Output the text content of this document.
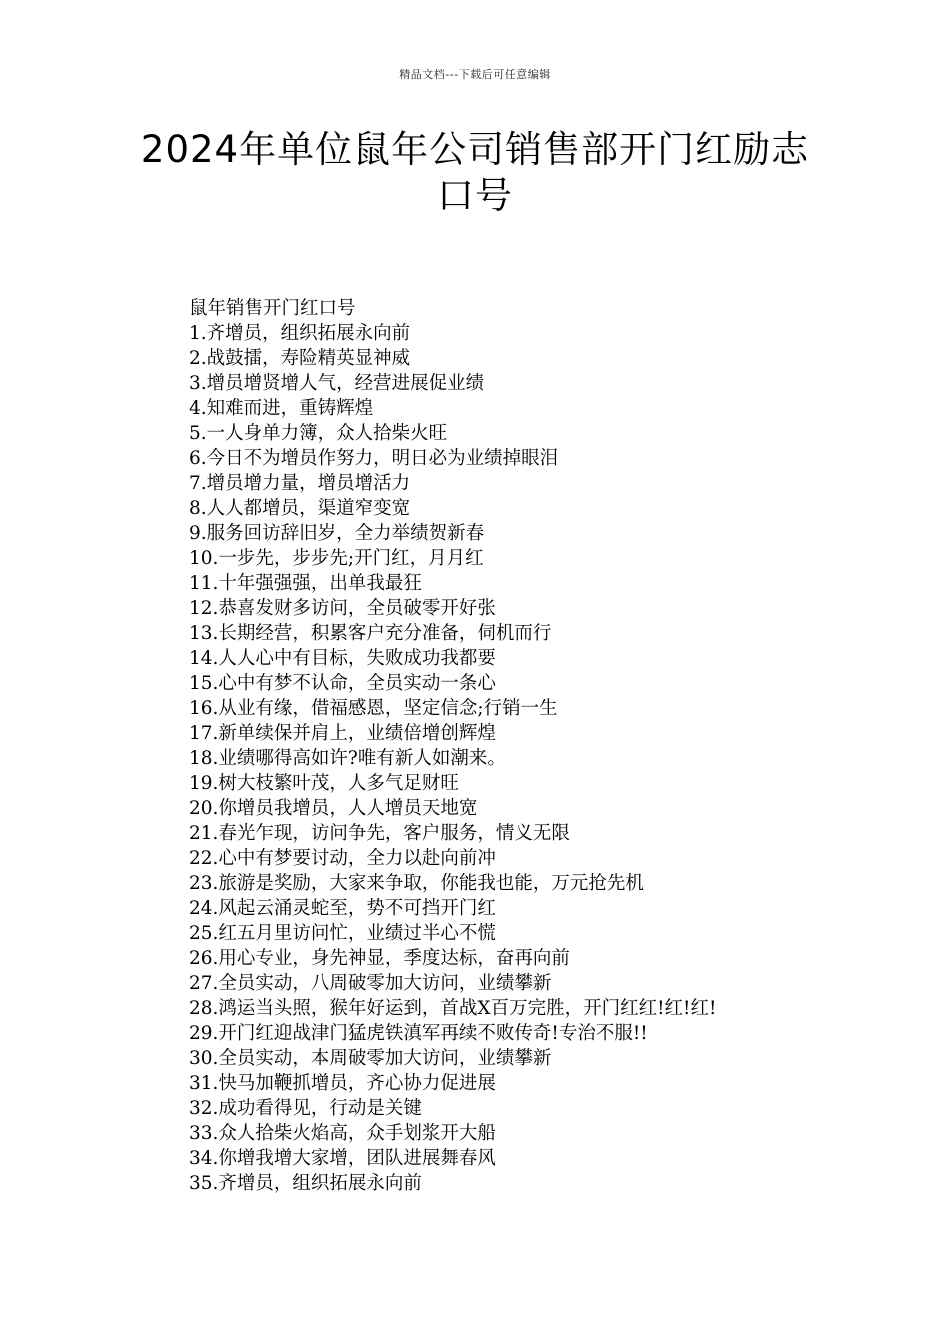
精品文档---下载后可任意编辑
2024年单位鼠年公司销售部开门红励志
口号

鼠年销售开门红口号

1.齐增员，组织拓展永向前

2.战鼓擂，寿险精英显神威

3.增员增贤增人气，经营进展促业绩

4.知难而进，重铸辉煌

5.一人身单力簿，众人拾柴火旺

6.今日不为增员作努力，明日必为业绩掉眼泪

7.增员增力量，增员增活力

8.人人都增员，渠道窄变宽

9.服务回访辞旧岁，全力举绩贺新春

10.一步先，步步先;开门红，月月红

11.十年强强强，出单我最狂

12.恭喜发财多访问，全员破零开好张

13.长期经营，积累客户充分准备，伺机而行

14.人人心中有目标，失败成功我都要

15.心中有梦不认命，全员实动一条心

16.从业有缘，借福感恩，坚定信念;行销一生

17.新单续保并肩上，业绩倍增创辉煌

18.业绩哪得高如许?唯有新人如潮来。

19.树大枝繁叶茂，人多气足财旺

20.你增员我增员，人人增员天地宽

21.春光乍现，访问争先，客户服务，情义无限

22.心中有梦要讨动，全力以赴向前冲

23.旅游是奖励，大家来争取，你能我也能，万元抢先机

24.风起云涌灵蛇至，势不可挡开门红

25.红五月里访问忙，业绩过半心不慌

26.用心专业，身先神显，季度达标，奋再向前

27.全员实动，八周破零加大访问，业绩攀新

28.鸿运当头照，猴年好运到，首战X百万完胜，开门红红!红!红!

29.开门红迎战津门猛虎铁滇军再续不败传奇!专治不服!!

30.全员实动，本周破零加大访问，业绩攀新

31.快马加鞭抓增员，齐心协力促进展

32.成功看得见，行动是关键

33.众人拾柴火焰高，众手划浆开大船

34.你增我增大家增，团队进展舞春风

35.齐增员，组织拓展永向前
